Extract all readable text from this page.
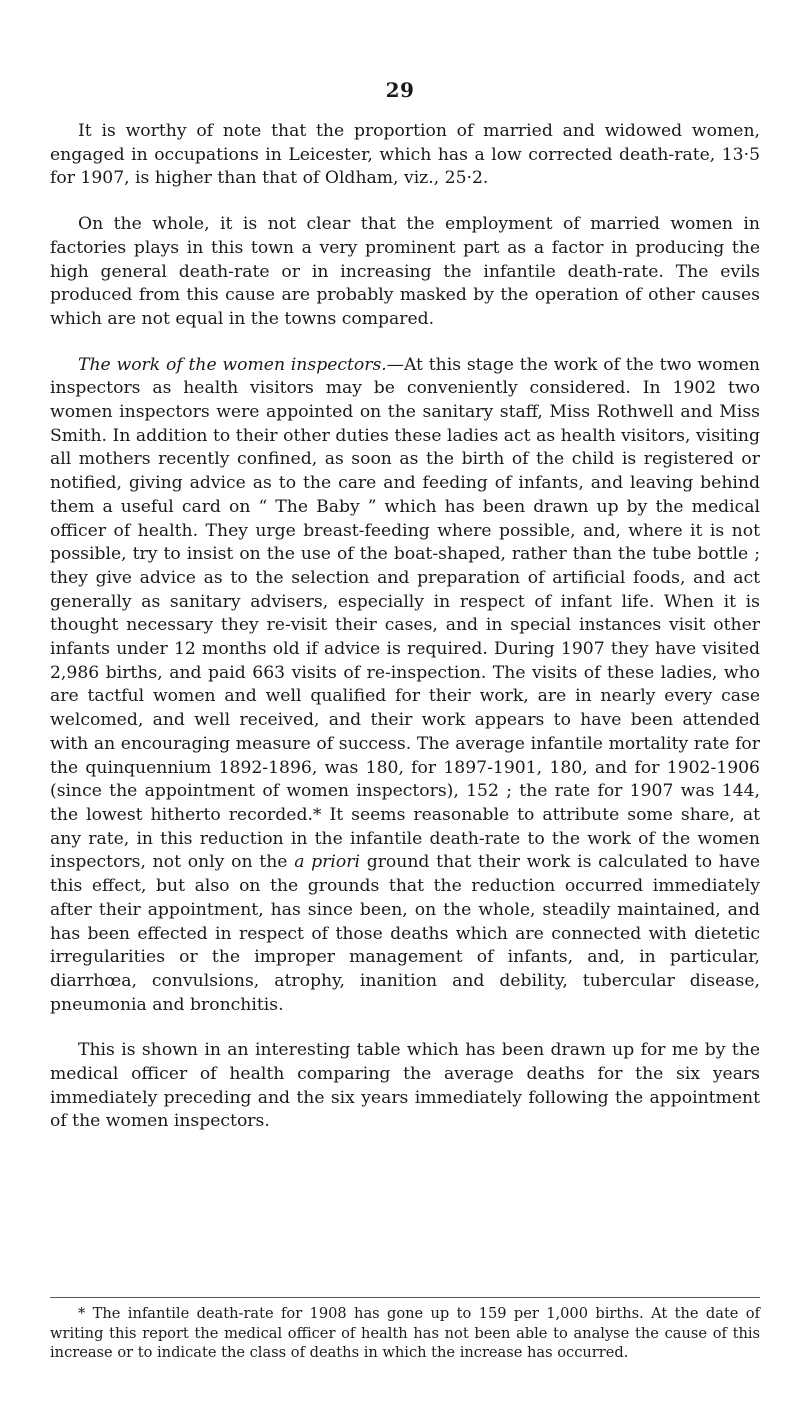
29

It is worthy of note that the proportion of married and widowed women, engaged in occupations in Leicester, which has a low corrected death-rate, 13·5 for 1907, is higher than that of Oldham, viz., 25·2.

On the whole, it is not clear that the employment of married women in factories plays in this town a very prominent part as a factor in producing the high general death-rate or in increasing the infantile death-rate. The evils produced from this cause are probably masked by the operation of other causes which are not equal in the towns compared.

The work of the women inspectors.—At this stage the work of the two women inspectors as health visitors may be conveniently considered. In 1902 two women inspectors were appointed on the sanitary staff, Miss Rothwell and Miss Smith. In addition to their other duties these ladies act as health visitors, visiting all mothers recently confined, as soon as the birth of the child is registered or notified, giving advice as to the care and feeding of infants, and leaving behind them a useful card on “ The Baby ” which has been drawn up by the medical officer of health. They urge breast-feeding where possible, and, where it is not possible, try to insist on the use of the boat-shaped, rather than the tube bottle ; they give advice as to the selection and preparation of artificial foods, and act generally as sanitary advisers, especially in respect of infant life. When it is thought necessary they re-visit their cases, and in special instances visit other infants under 12 months old if advice is required. During 1907 they have visited 2,986 births, and paid 663 visits of re-inspection. The visits of these ladies, who are tactful women and well qualified for their work, are in nearly every case welcomed, and well received, and their work appears to have been attended with an encouraging measure of success. The average infantile mortality rate for the quinquennium 1892-1896, was 180, for 1897-1901, 180, and for 1902-1906 (since the appointment of women inspectors), 152 ; the rate for 1907 was 144, the lowest hitherto recorded.* It seems reasonable to attribute some share, at any rate, in this reduction in the infantile death-rate to the work of the women inspectors, not only on the a priori ground that their work is calculated to have this effect, but also on the grounds that the reduction occurred immediately after their appointment, has since been, on the whole, steadily maintained, and has been effected in respect of those deaths which are connected with dietetic irregularities or the improper management of infants, and, in particular, diarrhœa, convulsions, atrophy, inanition and debility, tubercular disease, pneumonia and bronchitis.

This is shown in an interesting table which has been drawn up for me by the medical officer of health comparing the average deaths for the six years immediately preceding and the six years immediately following the appointment of the women inspectors.

* The infantile death-rate for 1908 has gone up to 159 per 1,000 births. At the date of writing this report the medical officer of health has not been able to analyse the cause of this increase or to indicate the class of deaths in which the increase has occurred.
